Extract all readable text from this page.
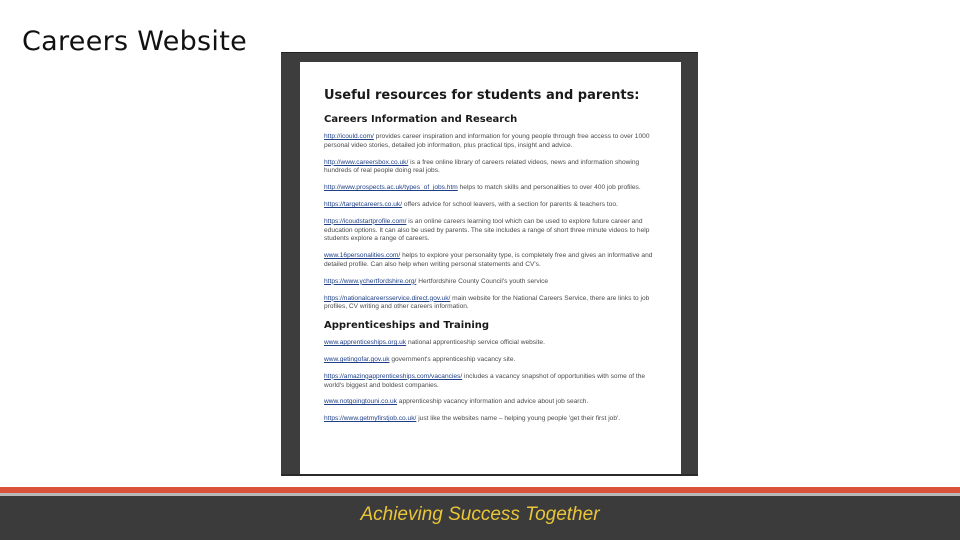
Careers Website
Useful resources for students and parents:
Careers Information and Research
http://icould.com/ provides career inspiration and information for young people through free access to over 1000 personal video stories, detailed job information, plus practical tips, insight and advice.
http://www.careersbox.co.uk/ is a free online library of careers related videos, news and information showing hundreds of real people doing real jobs.
http://www.prospects.ac.uk/types_of_jobs.htm helps to match skills and personalities to over 400 job profiles.
https://targetcareers.co.uk/ offers advice for school leavers, with a section for parents & teachers too.
https://icoudstartprofile.com/ is an online careers learning tool which can be used to explore future career and education options. It can also be used by parents. The site includes a range of short three minute videos to help students explore a range of careers.
www.16personalities.com/ helps to explore your personality type, is completely free and gives an informative and detailed profile. Can also help when writing personal statements and CV's.
https://www.ychertfordshire.org/ Hertfordshire County Council's youth service
https://nationalcareersservice.direct.gov.uk/ main website for the National Careers Service, there are links to job profiles, CV writing and other careers information.
Apprenticeships and Training
www.apprenticeships.org.uk national apprenticeship service official website.
www.getingofar.gov.uk government's apprenticeship vacancy site.
https://amazingapprenticeships.com/vacancies/ includes a vacancy snapshot of opportunities with some of the world's biggest and boldest companies.
www.notgoingtouni.co.uk apprenticeship vacancy information and advice about job search.
https://www.getmyfirstjob.co.uk/ just like the websites name – helping young people 'get their first job'.
Achieving Success Together
